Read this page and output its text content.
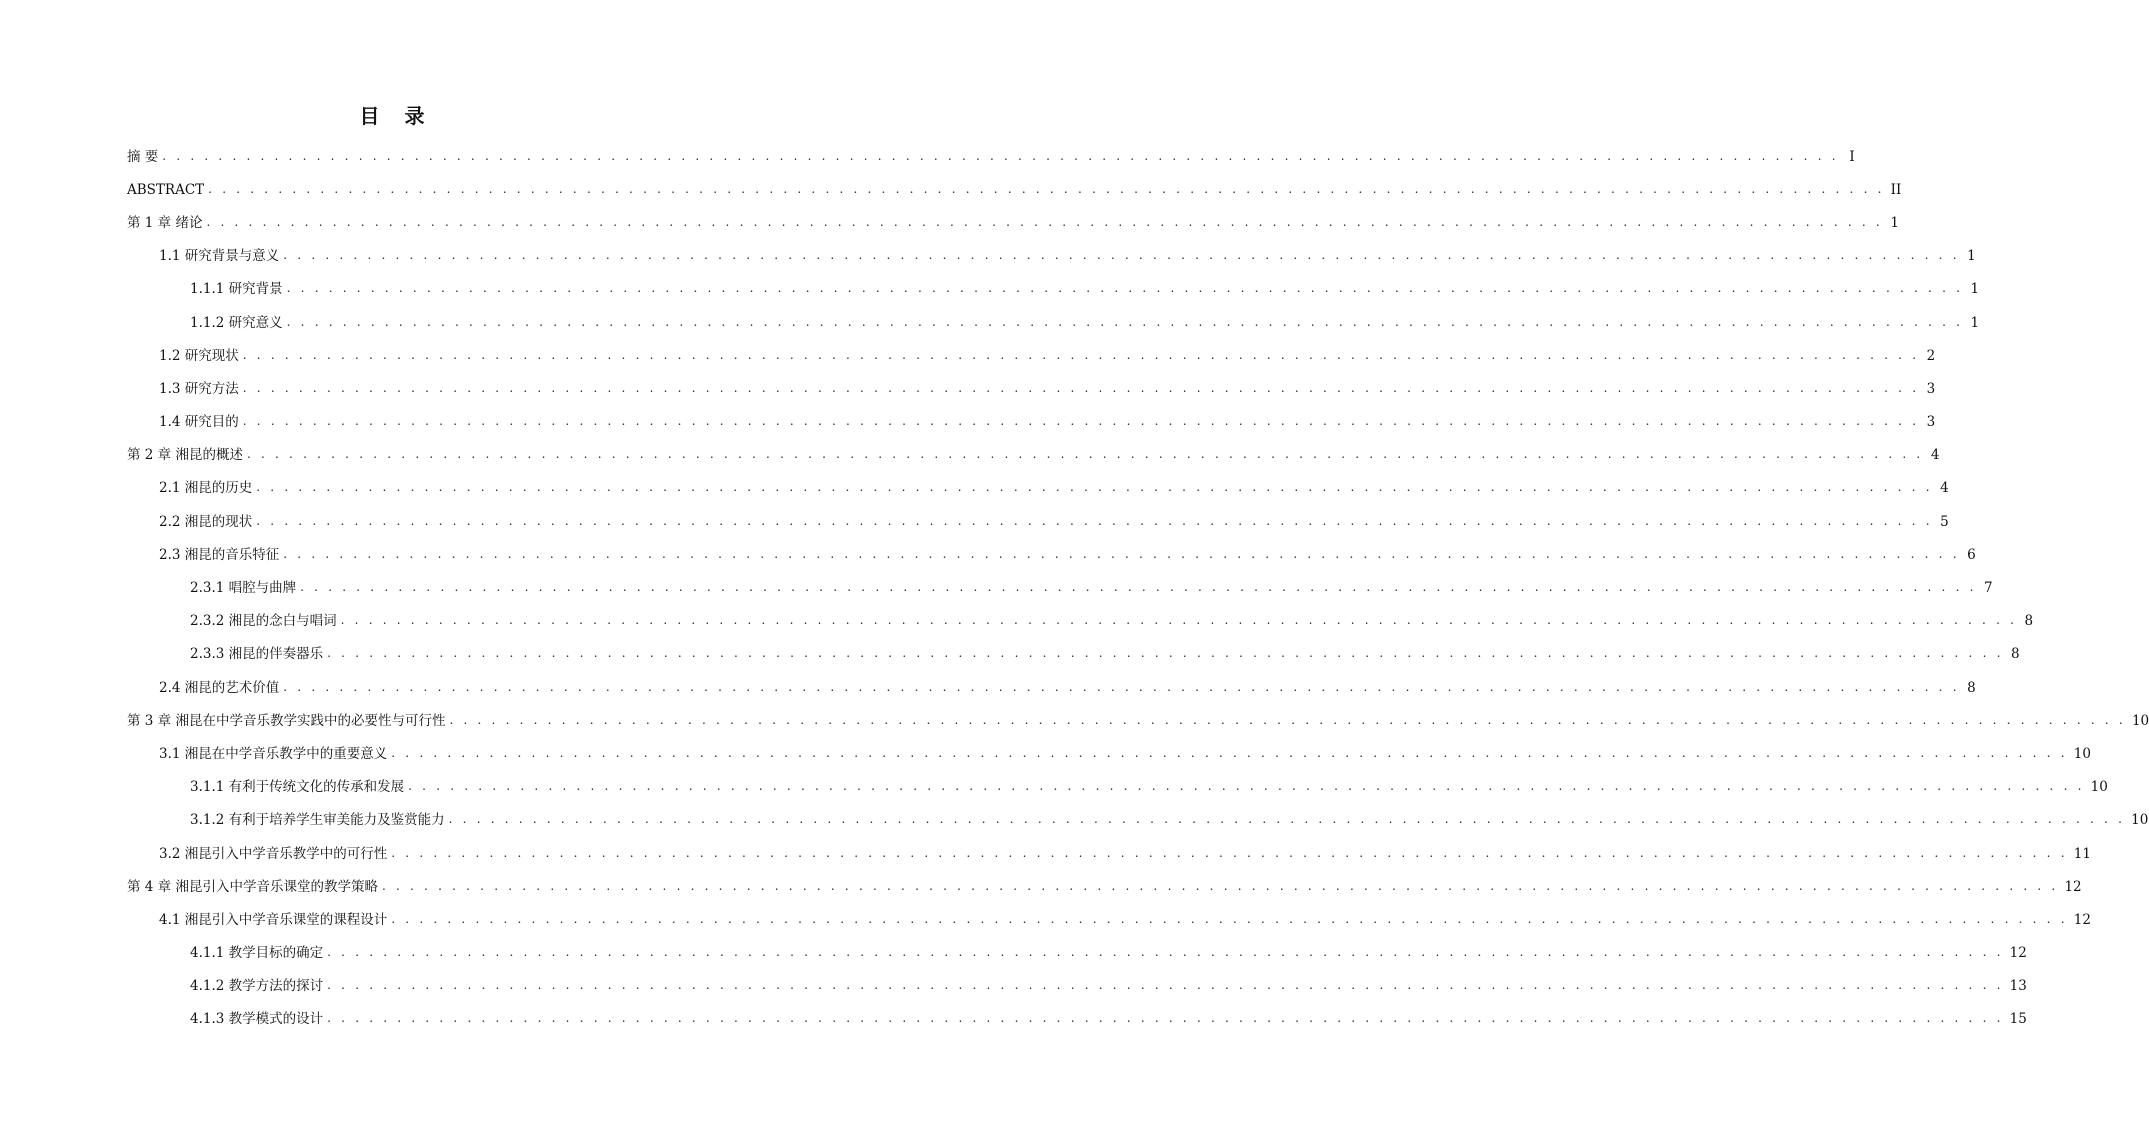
目 录
摘 要 . . . . . . . . . . . . . . . . . . . . . . . . . . . . . . . . . . . . . . . . . . . . . . . . . . . . . . . . . . . . . . . . . . . . . . . . . . . . . . . . . . . . . . . . . . . . . . . . . . . . . . . . . . . . . . . . . . . . . . . . I
ABSTRACT . . . . . . . . . . . . . . . . . . . . . . . . . . . . . . . . . . . . . . . . . . . . . . . . . . . . . . . . . . . . . . . . . . . . . . . . . . . . . . . . . . . . . . . . . . . . . . . . . . . . . . . . . . . . . . . . . . . . . . . . II
第 1 章 绪论 . . . . . . . . . . . . . . . . . . . . . . . . . . . . . . . . . . . . . . . . . . . . . . . . . . . . . . . . . . . . . . . . . . . . . . . . . . . . . . . . . . . . . . . . . . . . . . . . . . . . . . . . . . . . . . . . . . . . . . . . 1
1.1 研究背景与意义 . . . . . . . . . . . . . . . . . . . . . . . . . . . . . . . . . . . . . . . . . . . . . . . . . . . . . . . . . . . . . . . . . . . . . . . . . . . . . . . . . . . . . . . . . . . . . . . . . . . . . . . . . . . . . . . . . . . . . . . . 1
1.1.1 研究背景 . . . . . . . . . . . . . . . . . . . . . . . . . . . . . . . . . . . . . . . . . . . . . . . . . . . . . . . . . . . . . . . . . . . . . . . . . . . . . . . . . . . . . . . . . . . . . . . . . . . . . . . . . . . . . . . . . . . . . . . . 1
1.1.2 研究意义 . . . . . . . . . . . . . . . . . . . . . . . . . . . . . . . . . . . . . . . . . . . . . . . . . . . . . . . . . . . . . . . . . . . . . . . . . . . . . . . . . . . . . . . . . . . . . . . . . . . . . . . . . . . . . . . . . . . . . . . . 1
1.2 研究现状 . . . . . . . . . . . . . . . . . . . . . . . . . . . . . . . . . . . . . . . . . . . . . . . . . . . . . . . . . . . . . . . . . . . . . . . . . . . . . . . . . . . . . . . . . . . . . . . . . . . . . . . . . . . . . . . . . . . . . . . . 2
1.3 研究方法 . . . . . . . . . . . . . . . . . . . . . . . . . . . . . . . . . . . . . . . . . . . . . . . . . . . . . . . . . . . . . . . . . . . . . . . . . . . . . . . . . . . . . . . . . . . . . . . . . . . . . . . . . . . . . . . . . . . . . . . . 3
1.4 研究目的 . . . . . . . . . . . . . . . . . . . . . . . . . . . . . . . . . . . . . . . . . . . . . . . . . . . . . . . . . . . . . . . . . . . . . . . . . . . . . . . . . . . . . . . . . . . . . . . . . . . . . . . . . . . . . . . . . . . . . . . . 3
第 2 章 湘昆的概述 . . . . . . . . . . . . . . . . . . . . . . . . . . . . . . . . . . . . . . . . . . . . . . . . . . . . . . . . . . . . . . . . . . . . . . . . . . . . . . . . . . . . . . . . . . . . . . . . . . . . . . . . . . . . . . . . . . . . . . . . 4
2.1 湘昆的历史 . . . . . . . . . . . . . . . . . . . . . . . . . . . . . . . . . . . . . . . . . . . . . . . . . . . . . . . . . . . . . . . . . . . . . . . . . . . . . . . . . . . . . . . . . . . . . . . . . . . . . . . . . . . . . . . . . . . . . . . . 4
2.2 湘昆的现状 . . . . . . . . . . . . . . . . . . . . . . . . . . . . . . . . . . . . . . . . . . . . . . . . . . . . . . . . . . . . . . . . . . . . . . . . . . . . . . . . . . . . . . . . . . . . . . . . . . . . . . . . . . . . . . . . . . . . . . . . 5
2.3 湘昆的音乐特征 . . . . . . . . . . . . . . . . . . . . . . . . . . . . . . . . . . . . . . . . . . . . . . . . . . . . . . . . . . . . . . . . . . . . . . . . . . . . . . . . . . . . . . . . . . . . . . . . . . . . . . . . . . . . . . . . . . . . . . . . 6
2.3.1 唱腔与曲牌 . . . . . . . . . . . . . . . . . . . . . . . . . . . . . . . . . . . . . . . . . . . . . . . . . . . . . . . . . . . . . . . . . . . . . . . . . . . . . . . . . . . . . . . . . . . . . . . . . . . . . . . . . . . . . . . . . . . . . . . . 7
2.3.2 湘昆的念白与唱词 . . . . . . . . . . . . . . . . . . . . . . . . . . . . . . . . . . . . . . . . . . . . . . . . . . . . . . . . . . . . . . . . . . . . . . . . . . . . . . . . . . . . . . . . . . . . . . . . . . . . . . . . . . . . . . . . . . . . . . . . 8
2.3.3 湘昆的伴奏器乐 . . . . . . . . . . . . . . . . . . . . . . . . . . . . . . . . . . . . . . . . . . . . . . . . . . . . . . . . . . . . . . . . . . . . . . . . . . . . . . . . . . . . . . . . . . . . . . . . . . . . . . . . . . . . . . . . . . . . . . . . 8
2.4 湘昆的艺术价值 . . . . . . . . . . . . . . . . . . . . . . . . . . . . . . . . . . . . . . . . . . . . . . . . . . . . . . . . . . . . . . . . . . . . . . . . . . . . . . . . . . . . . . . . . . . . . . . . . . . . . . . . . . . . . . . . . . . . . . . . 8
第 3 章 湘昆在中学音乐教学实践中的必要性与可行性 . . . . . . . . . . . . . . . . . . . . . . . . . . . . . . . . . . . . . . . . . . . . . . . . . . . . . . . . . . . . . . . . . . . . . . . . . . . . . . . . . . . . . . . . . . . . . . . . . . . . . . . . . . . . . . . . . . . . . . . . 10
3.1 湘昆在中学音乐教学中的重要意义 . . . . . . . . . . . . . . . . . . . . . . . . . . . . . . . . . . . . . . . . . . . . . . . . . . . . . . . . . . . . . . . . . . . . . . . . . . . . . . . . . . . . . . . . . . . . . . . . . . . . . . . . . . . . . . . . . . . . . . . . 10
3.1.1 有利于传统文化的传承和发展 . . . . . . . . . . . . . . . . . . . . . . . . . . . . . . . . . . . . . . . . . . . . . . . . . . . . . . . . . . . . . . . . . . . . . . . . . . . . . . . . . . . . . . . . . . . . . . . . . . . . . . . . . . . . . . . . . . . . . . . . 10
3.1.2 有利于培养学生审美能力及鉴赏能力 . . . . . . . . . . . . . . . . . . . . . . . . . . . . . . . . . . . . . . . . . . . . . . . . . . . . . . . . . . . . . . . . . . . . . . . . . . . . . . . . . . . . . . . . . . . . . . . . . . . . . . . . . . . . . . . . . . . . . . . . 10
3.2 湘昆引入中学音乐教学中的可行性 . . . . . . . . . . . . . . . . . . . . . . . . . . . . . . . . . . . . . . . . . . . . . . . . . . . . . . . . . . . . . . . . . . . . . . . . . . . . . . . . . . . . . . . . . . . . . . . . . . . . . . . . . . . . . . . . . . . . . . . . 11
第 4 章 湘昆引入中学音乐课堂的教学策略 . . . . . . . . . . . . . . . . . . . . . . . . . . . . . . . . . . . . . . . . . . . . . . . . . . . . . . . . . . . . . . . . . . . . . . . . . . . . . . . . . . . . . . . . . . . . . . . . . . . . . . . . . . . . . . . . . . . . . . . . 12
4.1 湘昆引入中学音乐课堂的课程设计 . . . . . . . . . . . . . . . . . . . . . . . . . . . . . . . . . . . . . . . . . . . . . . . . . . . . . . . . . . . . . . . . . . . . . . . . . . . . . . . . . . . . . . . . . . . . . . . . . . . . . . . . . . . . . . . . . . . . . . . . 12
4.1.1 教学目标的确定 . . . . . . . . . . . . . . . . . . . . . . . . . . . . . . . . . . . . . . . . . . . . . . . . . . . . . . . . . . . . . . . . . . . . . . . . . . . . . . . . . . . . . . . . . . . . . . . . . . . . . . . . . . . . . . . . . . . . . . . . 12
4.1.2 教学方法的探讨 . . . . . . . . . . . . . . . . . . . . . . . . . . . . . . . . . . . . . . . . . . . . . . . . . . . . . . . . . . . . . . . . . . . . . . . . . . . . . . . . . . . . . . . . . . . . . . . . . . . . . . . . . . . . . . . . . . . . . . . . 13
4.1.3 教学模式的设计 . . . . . . . . . . . . . . . . . . . . . . . . . . . . . . . . . . . . . . . . . . . . . . . . . . . . . . . . . . . . . . . . . . . . . . . . . . . . . . . . . . . . . . . . . . . . . . . . . . . . . . . . . . . . . . . . . . . . . . . . 15
